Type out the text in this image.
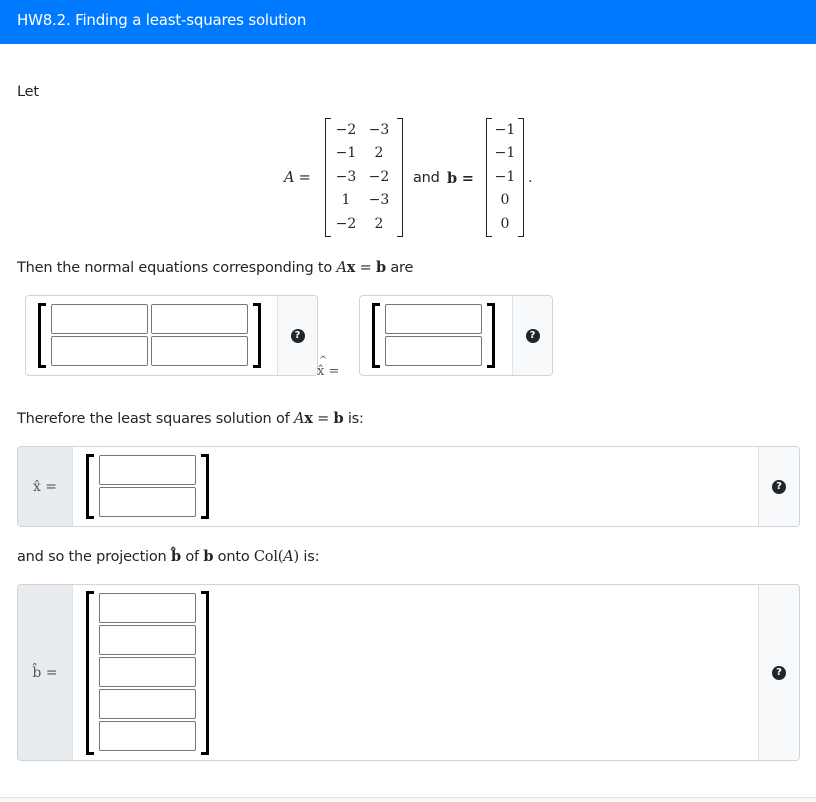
HW8.2. Finding a least-squares solution
Let
A =
−2 −3
−1	2
−3 −2
1	−3
−2	2
and b =
−1
−1
−1
0
0
.
Then the normal equations corresponding to Ax = b are
?
^
x̂ =
?
Therefore the least squares solution of Ax = b is:
x̂ =	?
and so the projection b̂ of b onto Col(A) is:
b̂ =	?
